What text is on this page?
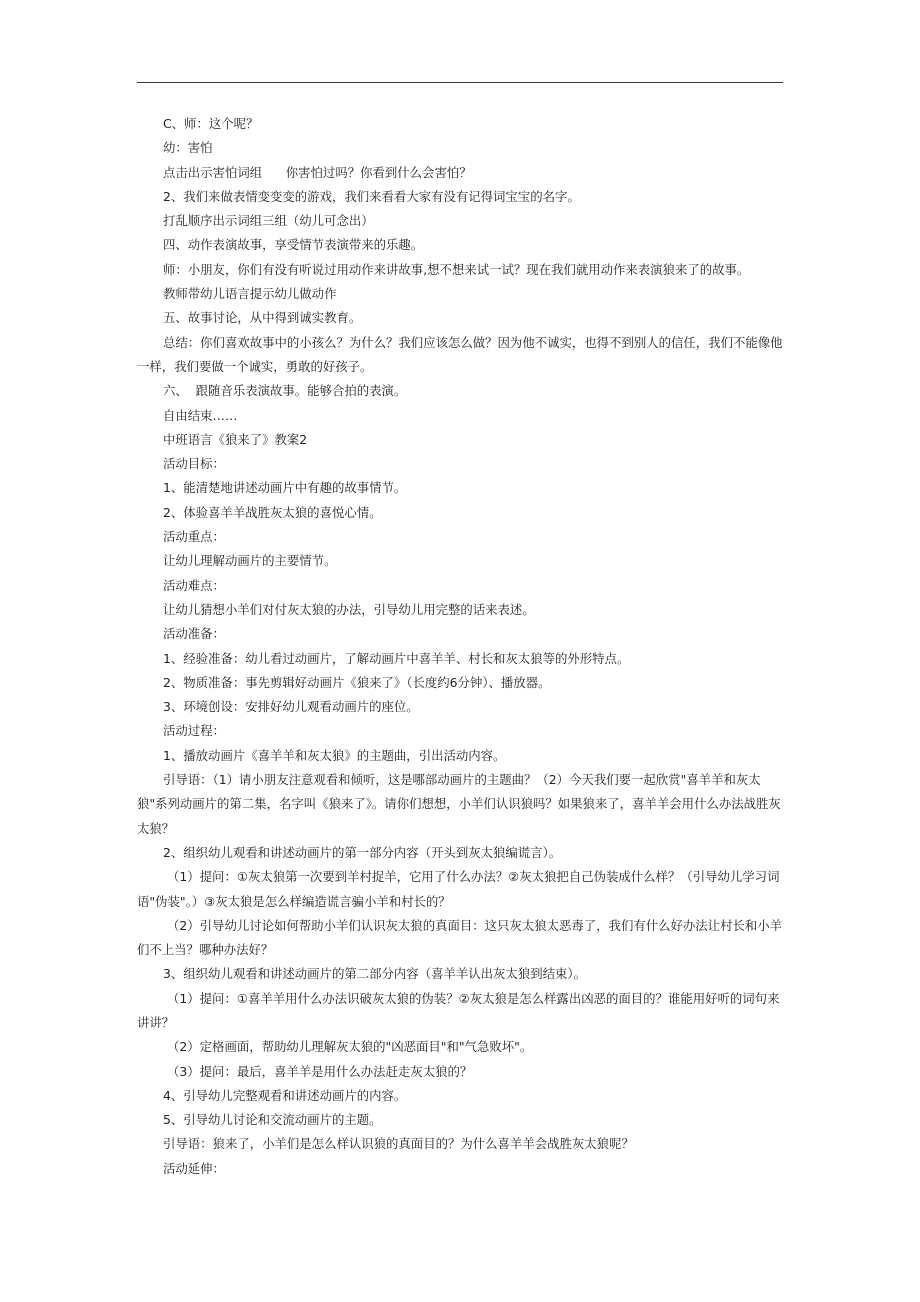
C、师：这个呢？

幼：害怕

点击出示害怕词组      你害怕过吗？你看到什么会害怕？

2、我们来做表情变变变的游戏，我们来看看大家有没有记得词宝宝的名字。

打乱顺序出示词组三组（幼儿可念出）

四、动作表演故事，享受情节表演带来的乐趣。

师：小朋友，你们有没有听说过用动作来讲故事,想不想来试一试？现在我们就用动作来表演狼来了的故事。

教师带幼儿语言提示幼儿做动作

五、故事讨论，从中得到诚实教育。

总结：你们喜欢故事中的小孩么？为什么？我们应该怎么做？因为他不诚实，也得不到别人的信任，我们不能像他一样，我们要做一个诚实，勇敢的好孩子。

六、  跟随音乐表演故事。能够合拍的表演。

自由结束……

中班语言《狼来了》教案2

活动目标：

1、能清楚地讲述动画片中有趣的故事情节。

2、体验喜羊羊战胜灰太狼的喜悦心情。

活动重点：

让幼儿理解动画片的主要情节。

活动难点：

让幼儿猜想小羊们对付灰太狼的办法，引导幼儿用完整的话来表述。

活动准备：

1、经验准备：幼儿看过动画片，了解动画片中喜羊羊、村长和灰太狼等的外形特点。

2、物质准备：事先剪辑好动画片《狼来了》（长度约6分钟）、播放器。

3、环境创设：安排好幼儿观看动画片的座位。

活动过程：

1、播放动画片《喜羊羊和灰太狼》的主题曲，引出活动内容。

引导语：（1）请小朋友注意观看和倾听，这是哪部动画片的主题曲？（2）今天我们要一起欣赏"喜羊羊和灰太狼"系列动画片的第二集，名字叫《狼来了》。请你们想想，小羊们认识狼吗？如果狼来了，喜羊羊会用什么办法战胜灰太狼？

2、组织幼儿观看和讲述动画片的第一部分内容（开头到灰太狼编谎言）。

（1）提问：①灰太狼第一次要到羊村捉羊，它用了什么办法？②灰太狼把自己伪装成什么样？（引导幼儿学习词语"伪装"。）③灰太狼是怎么样编造谎言骗小羊和村长的？

（2）引导幼儿讨论如何帮助小羊们认识灰太狼的真面目：这只灰太狼太恶毒了，我们有什么好办法让村长和小羊们不上当？哪种办法好？

3、组织幼儿观看和讲述动画片的第二部分内容（喜羊羊认出灰太狼到结束）。

（1）提问：①喜羊羊用什么办法识破灰太狼的伪装？②灰太狼是怎么样露出凶恶的面目的？谁能用好听的词句来讲讲？

（2）定格画面，帮助幼儿理解灰太狼的"凶恶面目"和"气急败坏"。

（3）提问：最后，喜羊羊是用什么办法赶走灰太狼的？

4、引导幼儿完整观看和讲述动画片的内容。

5、引导幼儿讨论和交流动画片的主题。

引导语：狼来了，小羊们是怎么样认识狼的真面目的？为什么喜羊羊会战胜灰太狼呢？

活动延伸：
